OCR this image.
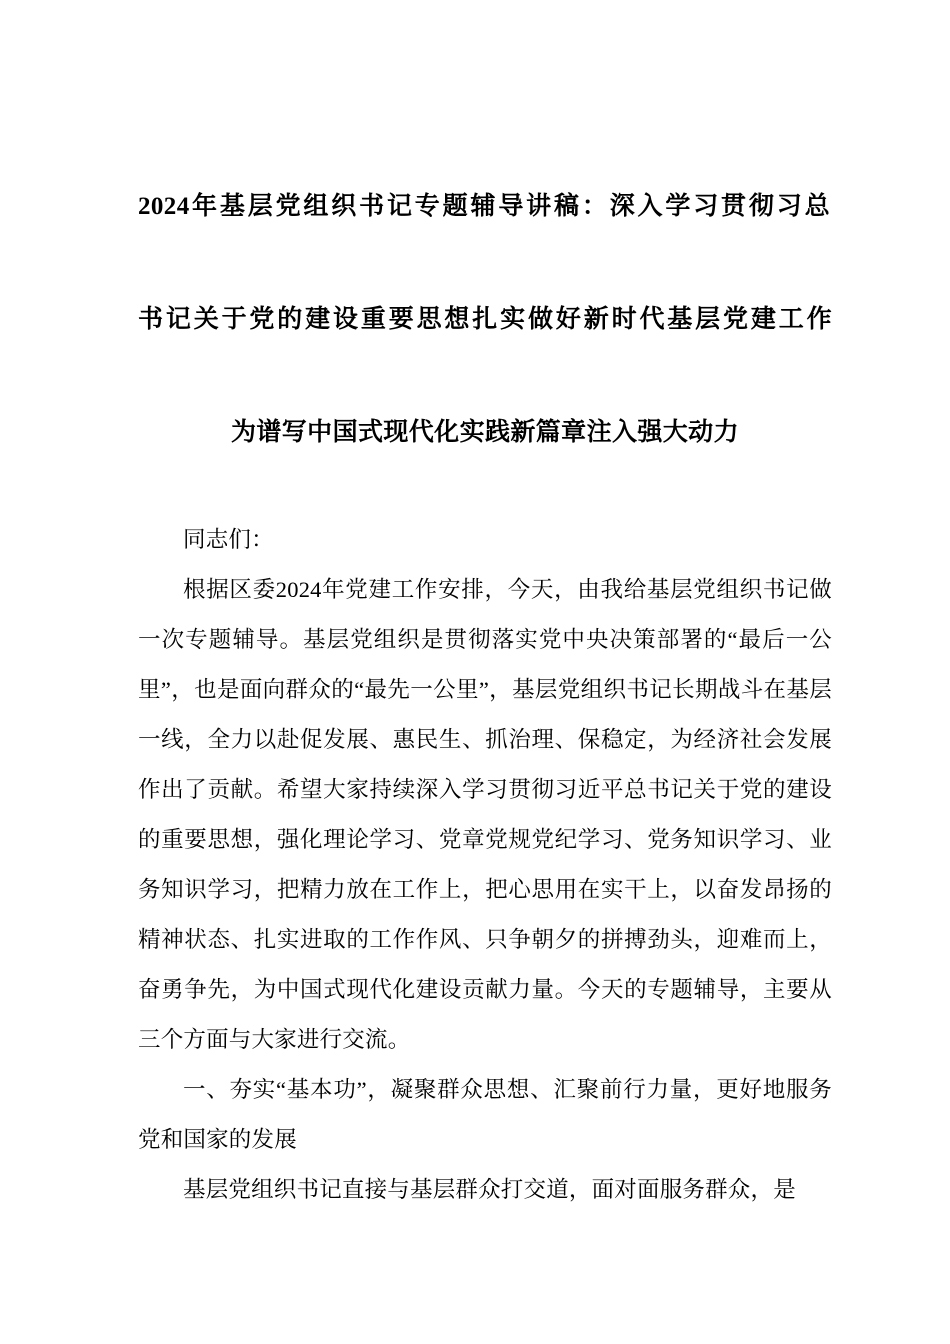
2024年基层党组织书记专题辅导讲稿：深入学习贯彻习总
书记关于党的建设重要思想扎实做好新时代基层党建工作
为谱写中国式现代化实践新篇章注入强大动力

同志们：

根据区委2024年党建工作安排，今天，由我给基层党组织书记做一次专题辅导。基层党组织是贯彻落实党中央决策部署的“最后一公里”，也是面向群众的“最先一公里”，基层党组织书记长期战斗在基层一线，全力以赴促发展、惠民生、抓治理、保稳定，为经济社会发展作出了贡献。希望大家持续深入学习贯彻习近平总书记关于党的建设的重要思想，强化理论学习、党章党规党纪学习、党务知识学习、业务知识学习，把精力放在工作上，把心思用在实干上，以奋发昂扬的精神状态、扎实进取的工作作风、只争朝夕的拼搏劲头，迎难而上，奋勇争先，为中国式现代化建设贡献力量。今天的专题辅导，主要从三个方面与大家进行交流。

一、夯实“基本功”，凝聚群众思想、汇聚前行力量，更好地服务党和国家的发展

基层党组织书记直接与基层群众打交道，面对面服务群众，是
